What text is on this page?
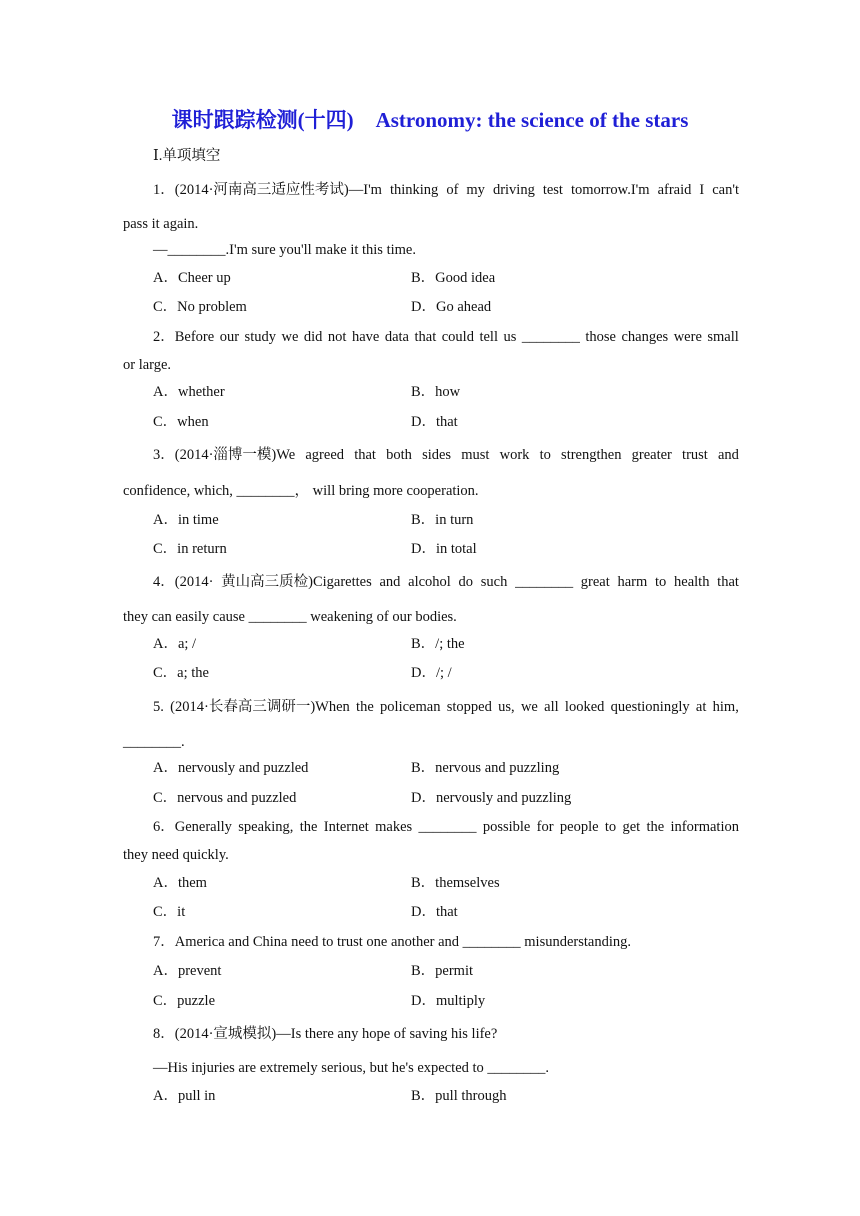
课时跟踪检测(十四) Astronomy: the science of the stars
Ⅰ.单项填空
1．(2014·河南高三适应性考试)—I'm thinking of my driving test tomorrow.I'm afraid I can't
pass it again.
—________.I'm sure you'll make it this time.
A．Cheer up	B．Good idea
C．No problem	D．Go ahead
2．Before our study we did not have data that could tell us ________ those changes were small
or large.
A．whether	B．how
C．when	D．that
3．(2014·淄博一模)We agreed that both sides must work to strengthen greater trust and
confidence, which, ________， will bring more cooperation.
A．in time	B．in turn
C．in return	D．in total
4．(2014· 黄山高三质检)Cigarettes and alcohol do such ________ great harm to health that
they can easily cause ________ weakening of our bodies.
A．a; /	B．/; the
C．a; the	D．/; /
5. (2014·长春高三调研一)When the policeman stopped us, we all looked questioningly at him,
________.
A．nervously and puzzled	B．nervous and puzzling
C．nervous and puzzled	D．nervously and puzzling
6．Generally speaking, the Internet makes ________ possible for people to get the information
they need quickly.
A．them	B．themselves
C．it	D．that
7．America and China need to trust one another and ________ misunderstanding.
A．prevent	B．permit
C．puzzle	D．multiply
8．(2014·宣城模拟)—Is there any hope of saving his life?
—His injuries are extremely serious, but he's expected to ________.
A．pull in	B．pull through
